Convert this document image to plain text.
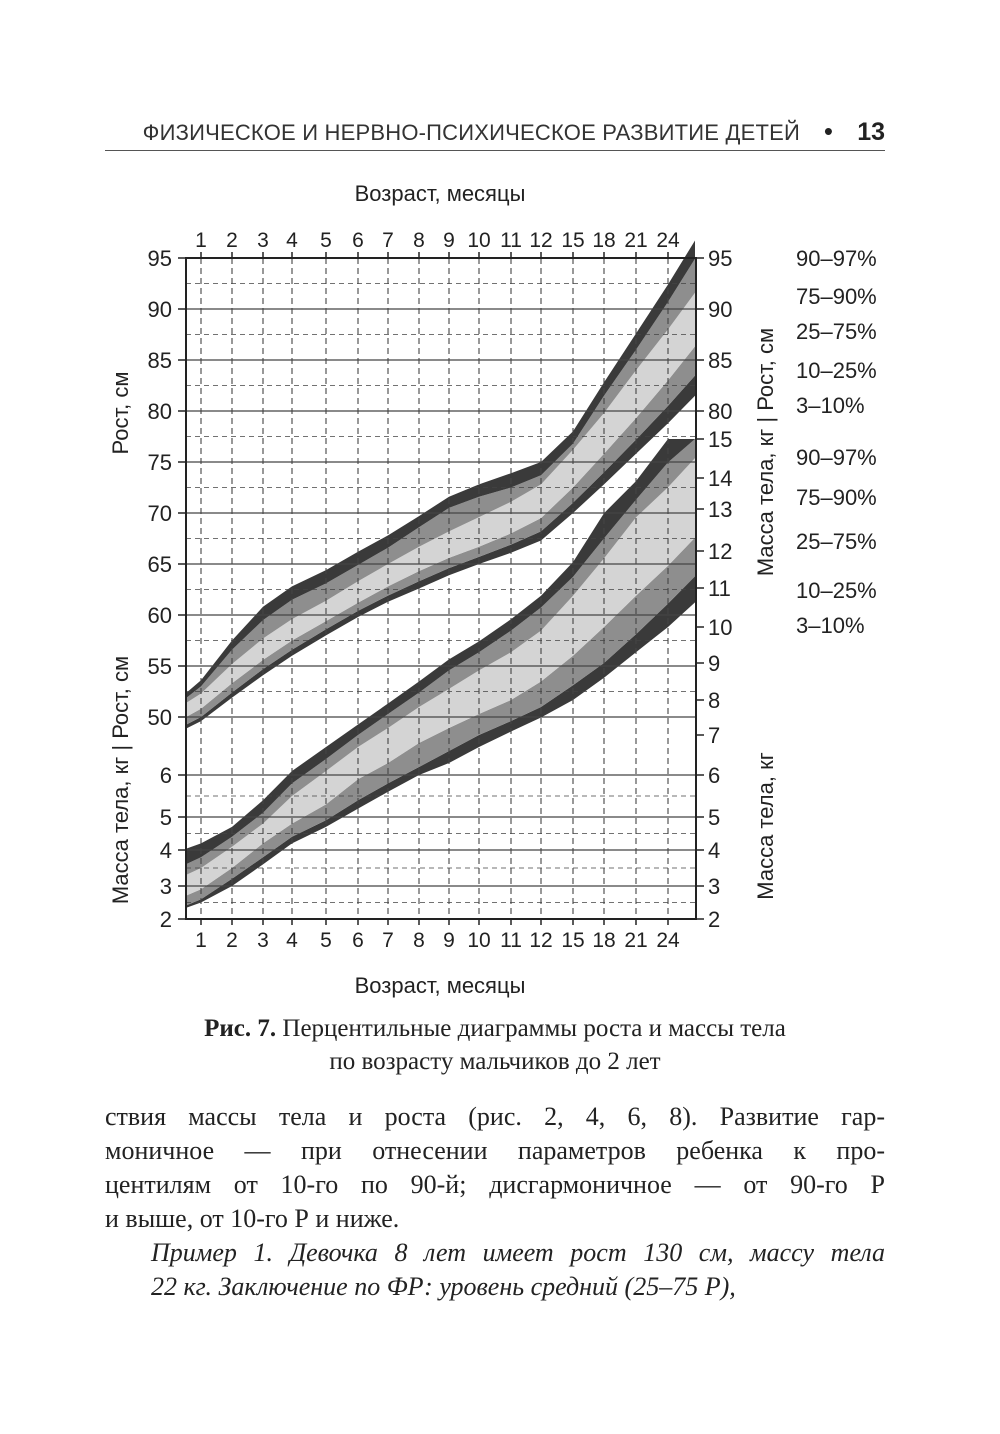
ФИЗИЧЕСКОЕ И НЕРВНО-ПСИХИЧЕСКОЕ РАЗВИТИЕ ДЕТЕЙ • 13
Возраст, месяцы
Возраст, месяцы
Рост, см
Масса тела, кг | Рост, см
Масса тела, кг | Рост, см
Масса тела, кг
1
1
2
2
3
3
4
4
5
5
6
6
7
7
8
8
9
9
10
10
11
11
12
12
15
15
18
18
21
21
24
24
95	95
90	90
85	85
80	80
75
70
65
60
55
50
6
5
4
3
2
15
14
13
12
11
10
9
8
7
6
5
4
3
2
90–97%
75–90%
25–75%
10–25%
3–10%
90–97%
75–90%
25–75%
10–25%
3–10%
Рис. 7. Перцентильные диаграммы роста и массы тела
по возрасту мальчиков до 2 лет

ствия массы тела и роста (рис. 2, 4, 6, 8). Развитие гар-

моничное — при отнесении параметров ребенка к про-

центилям от 10-го по 90-й; дисгармоничное — от 90-го Р

и выше, от 10-го Р и ниже.

Пример 1. Девочка 8 лет имеет рост 130 см, массу тела

22 кг. Заключение по ФР: уровень средний (25–75 Р),
